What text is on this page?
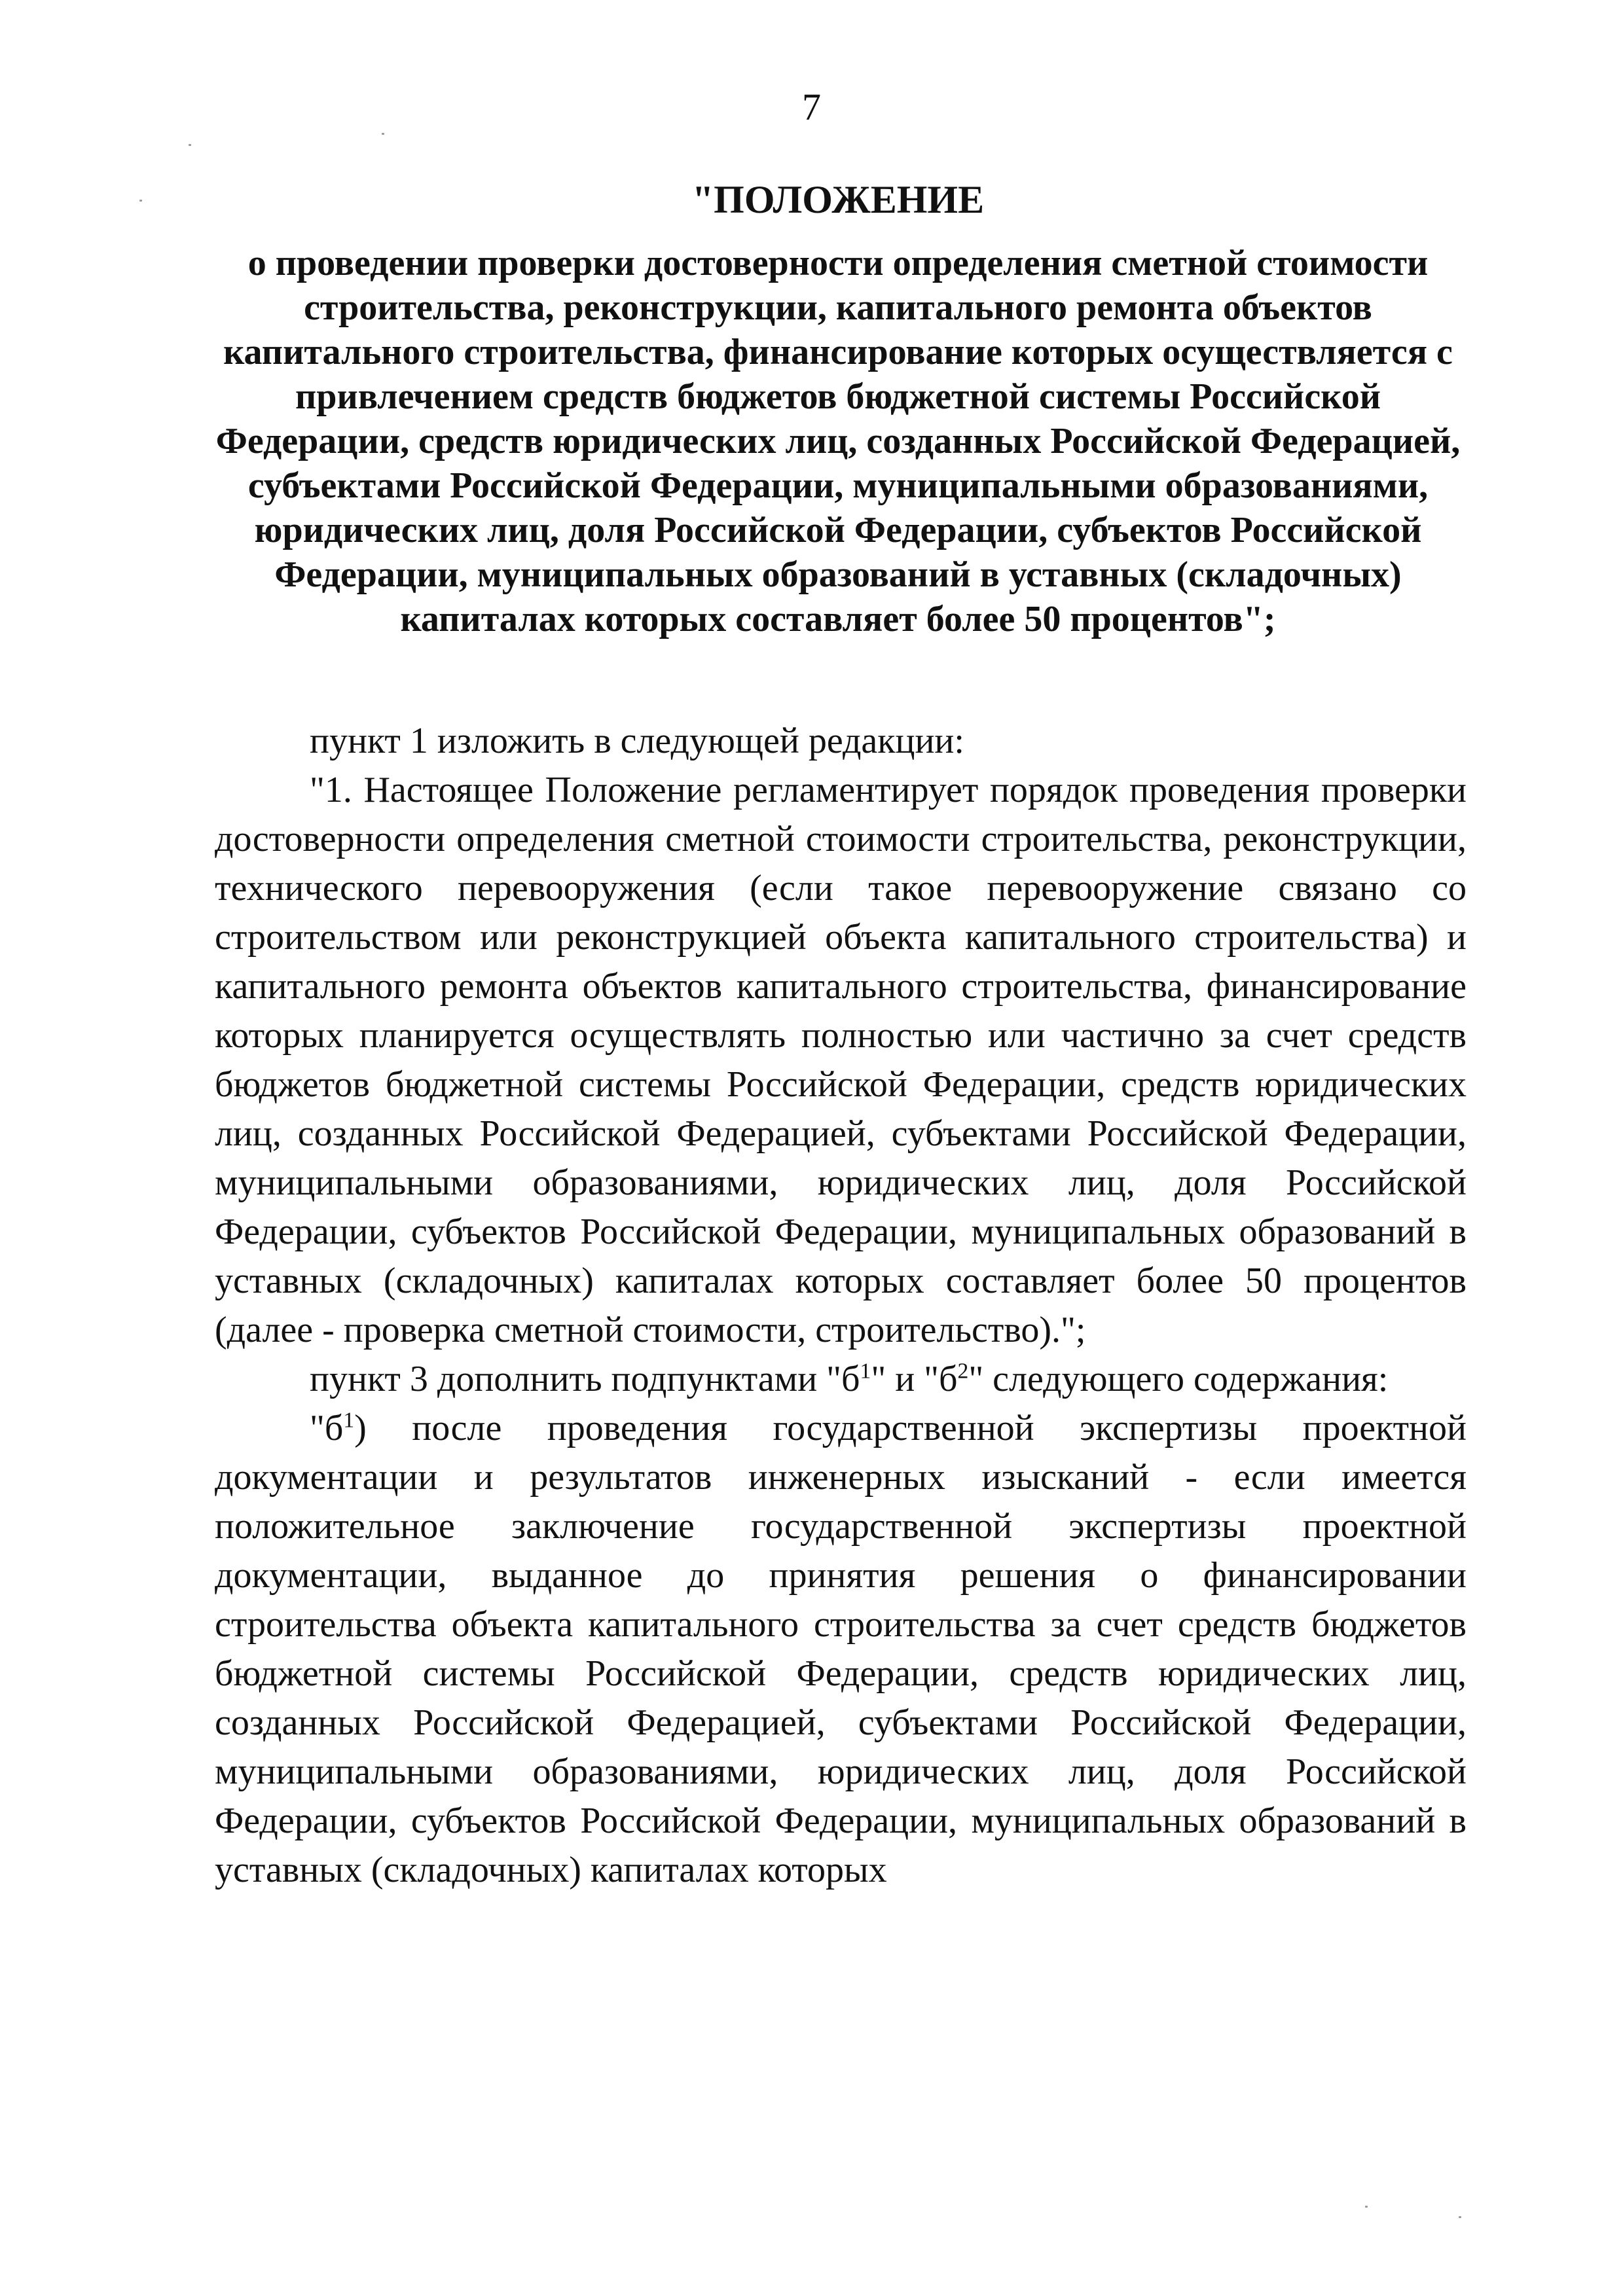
7
"ПОЛОЖЕНИЕ
о проведении проверки достоверности определения сметной стоимости строительства, реконструкции, капитального ремонта объектов капитального строительства, финансирование которых осуществляется с привлечением средств бюджетов бюджетной системы Российской Федерации, средств юридических лиц, созданных Российской Федерацией, субъектами Российской Федерации, муниципальными образованиями, юридических лиц, доля Российской Федерации, субъектов Российской Федерации, муниципальных образований в уставных (складочных) капиталах которых составляет более 50 процентов";

пункт 1 изложить в следующей редакции:

"1. Настоящее Положение регламентирует порядок проведения проверки достоверности определения сметной стоимости строительства, реконструкции, технического перевооружения (если такое перевооружение связано со строительством или реконструкцией объекта капитального строительства) и капитального ремонта объектов капитального строительства, финансирование которых планируется осуществлять полностью или частично за счет средств бюджетов бюджетной системы Российской Федерации, средств юридических лиц, созданных Российской Федерацией, субъектами Российской Федерации, муниципальными образованиями, юридических лиц, доля Российской Федерации, субъектов Российской Федерации, муниципальных образований в уставных (складочных) капиталах которых составляет более 50 процентов (далее - проверка сметной стоимости, строительство).";

пункт 3 дополнить подпунктами "$б^1$" и "$б^2$" следующего содержания:

"$б^1$) после проведения государственной экспертизы проектной документации и результатов инженерных изысканий - если имеется положительное заключение государственной экспертизы проектной документации, выданное до принятия решения о финансировании строительства объекта капитального строительства за счет средств бюджетов бюджетной системы Российской Федерации, средств юридических лиц, созданных Российской Федерацией, субъектами Российской Федерации, муниципальными образованиями, юридических лиц, доля Российской Федерации, субъектов Российской Федерации, муниципальных образований в уставных (складочных) капиталах которых
